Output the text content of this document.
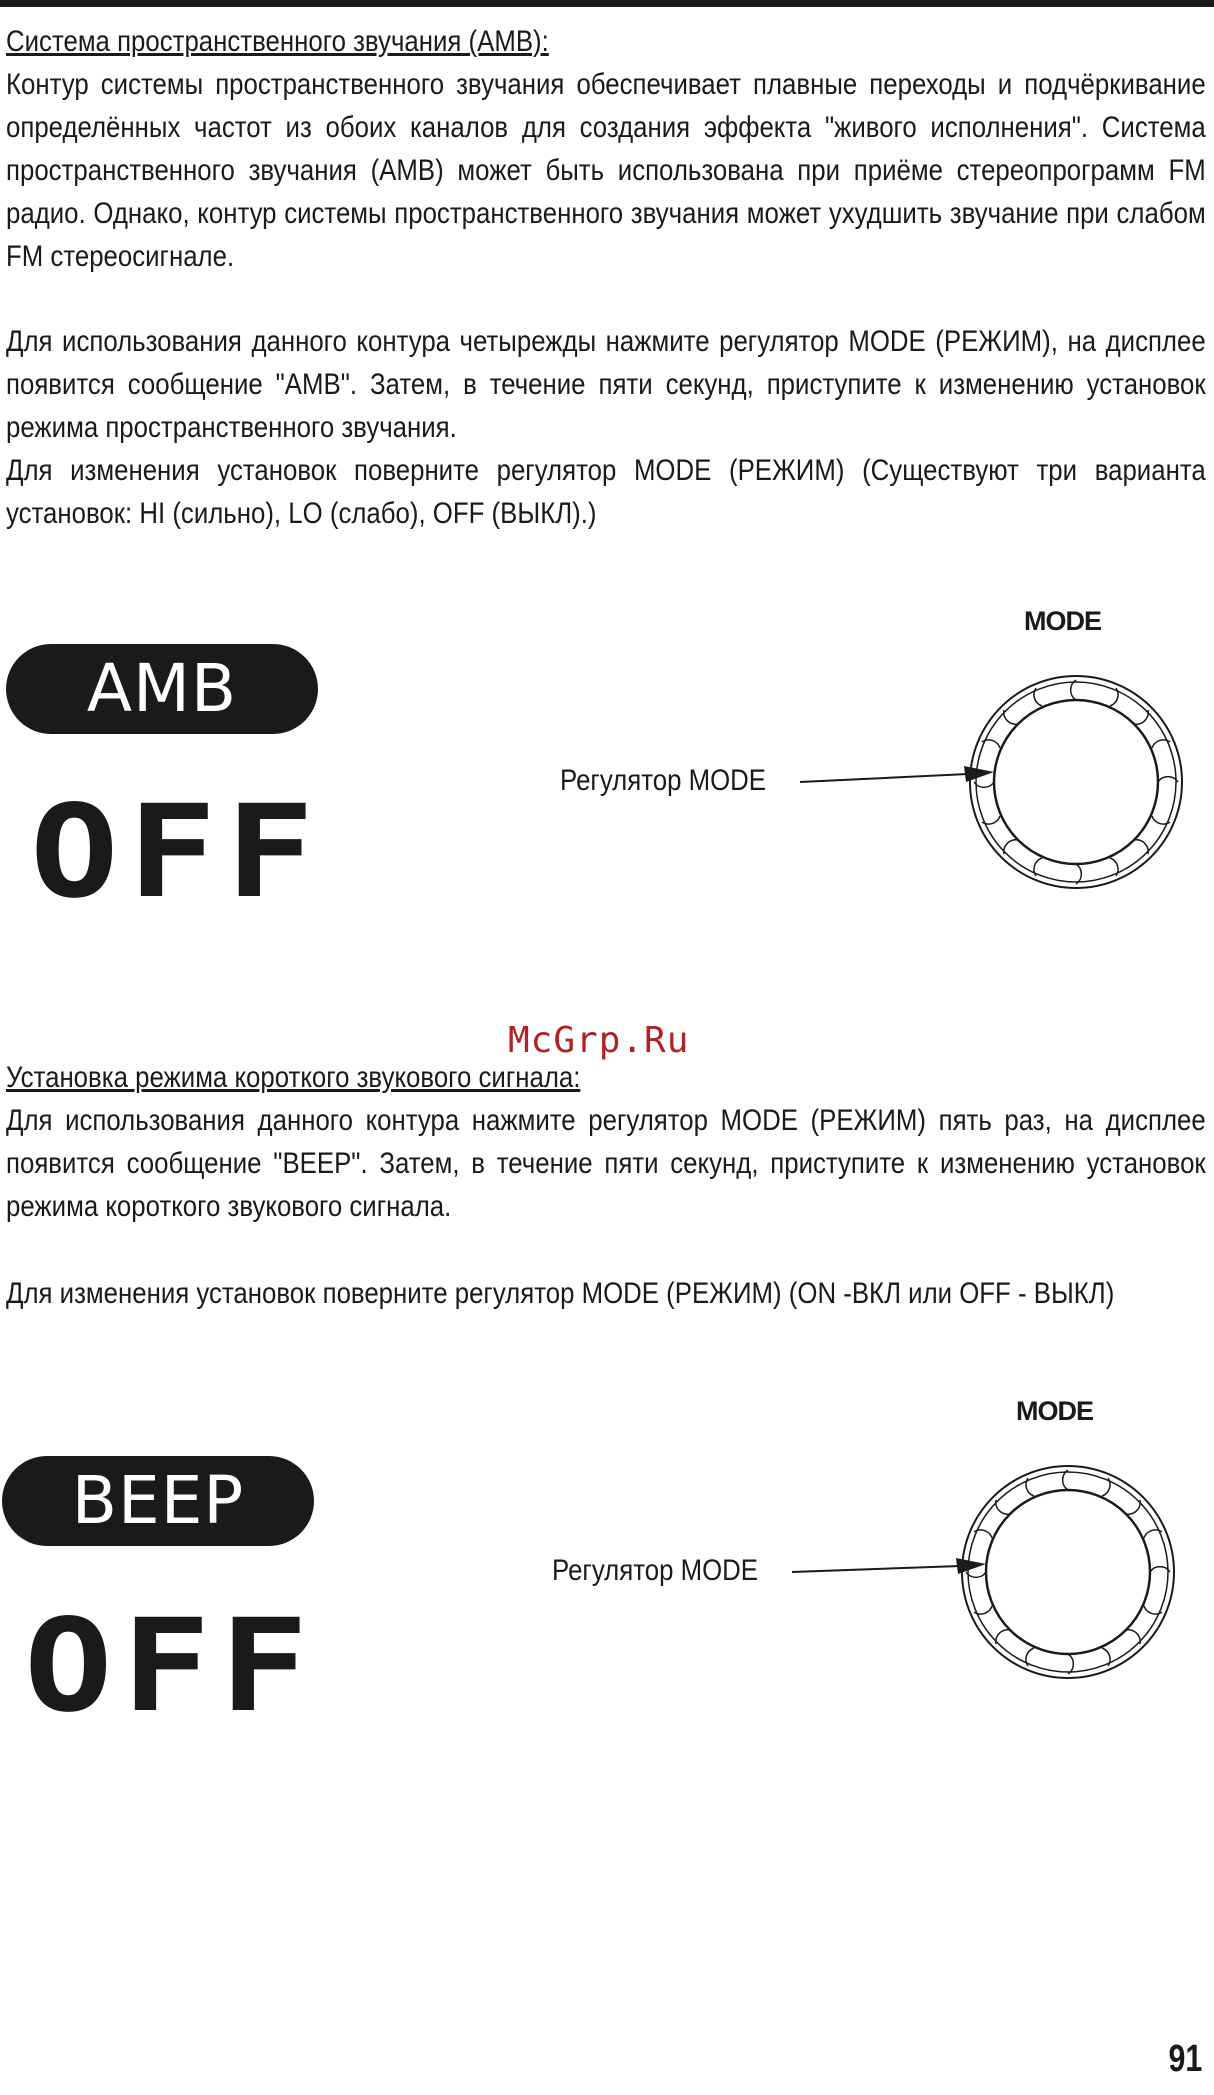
Система пространственного звучания (AMB):

Контур системы пространственного звучания обеспечивает плавные переходы и подчёркивание определённых частот из обоих каналов для создания эффекта "живого исполнения". Система пространственного звучания (AMB) может быть использована при приёме стереопрограмм FM радио. Однако, контур системы пространственного звучания может ухудшить звучание при слабом FM стереосигнале.

Для использования данного контура четырежды нажмите регулятор MODE (РЕЖИМ), на дисплее появится сообщение "AMB". Затем, в течение пяти секунд, приступите к изменению установок режима пространственного звучания.

Для изменения установок поверните регулятор MODE (РЕЖИМ) (Существуют три варианта установок: HI (сильно), LO (слабо), OFF (ВЫКЛ).)

AMB
OFF	Регулятор MODE
MODE
McGrp.Ru

Установка режима короткого звукового сигнала:

Для использования данного контура нажмите регулятор MODE (РЕЖИМ) пять раз, на дисплее появится сообщение "BEEP". Затем, в течение пяти секунд, приступите к изменению установок режима короткого звукового сигнала.

Для изменения установок поверните регулятор MODE (РЕЖИМ) (ON -ВКЛ или OFF - ВЫКЛ)

BEEP
OFF
Регулятор MODE
MODE
91
